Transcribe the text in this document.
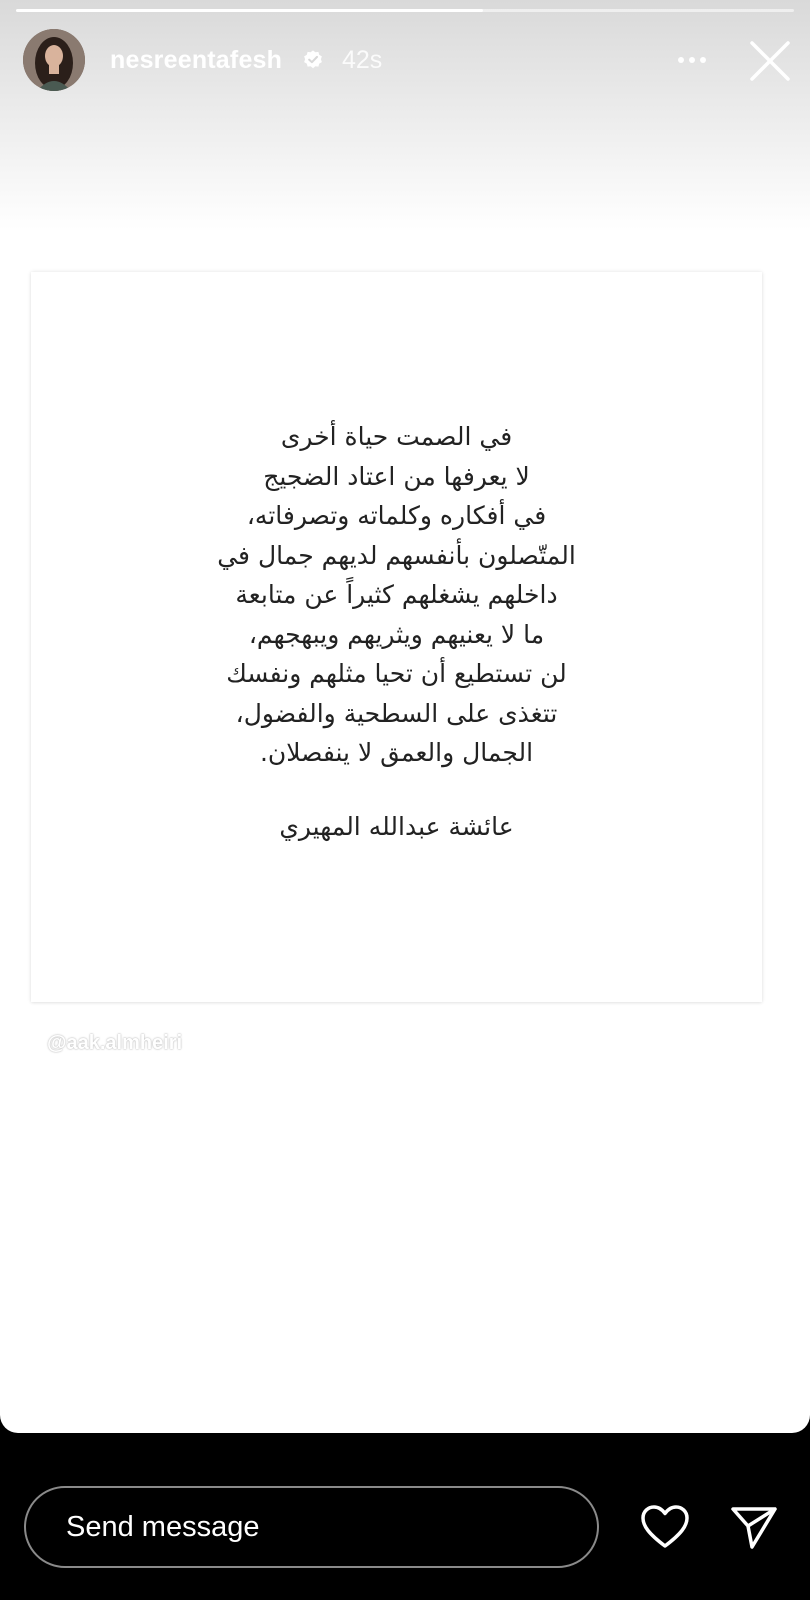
nesreentafesh 42s
في الصمت حياة أخرى
لا يعرفها من اعتاد الضجيج
في أفكاره وكلماته وتصرفاته،
المتّصلون بأنفسهم لديهم جمال في
داخلهم يشغلهم كثيراً عن متابعة
ما لا يعنيهم ويثريهم ويبهجهم،
لن تستطيع أن تحيا مثلهم ونفسك
تتغذى على السطحية والفضول،
الجمال والعمق لا ينفصلان.
عائشة عبدالله المهيري
@aak.almheiri
Send message
